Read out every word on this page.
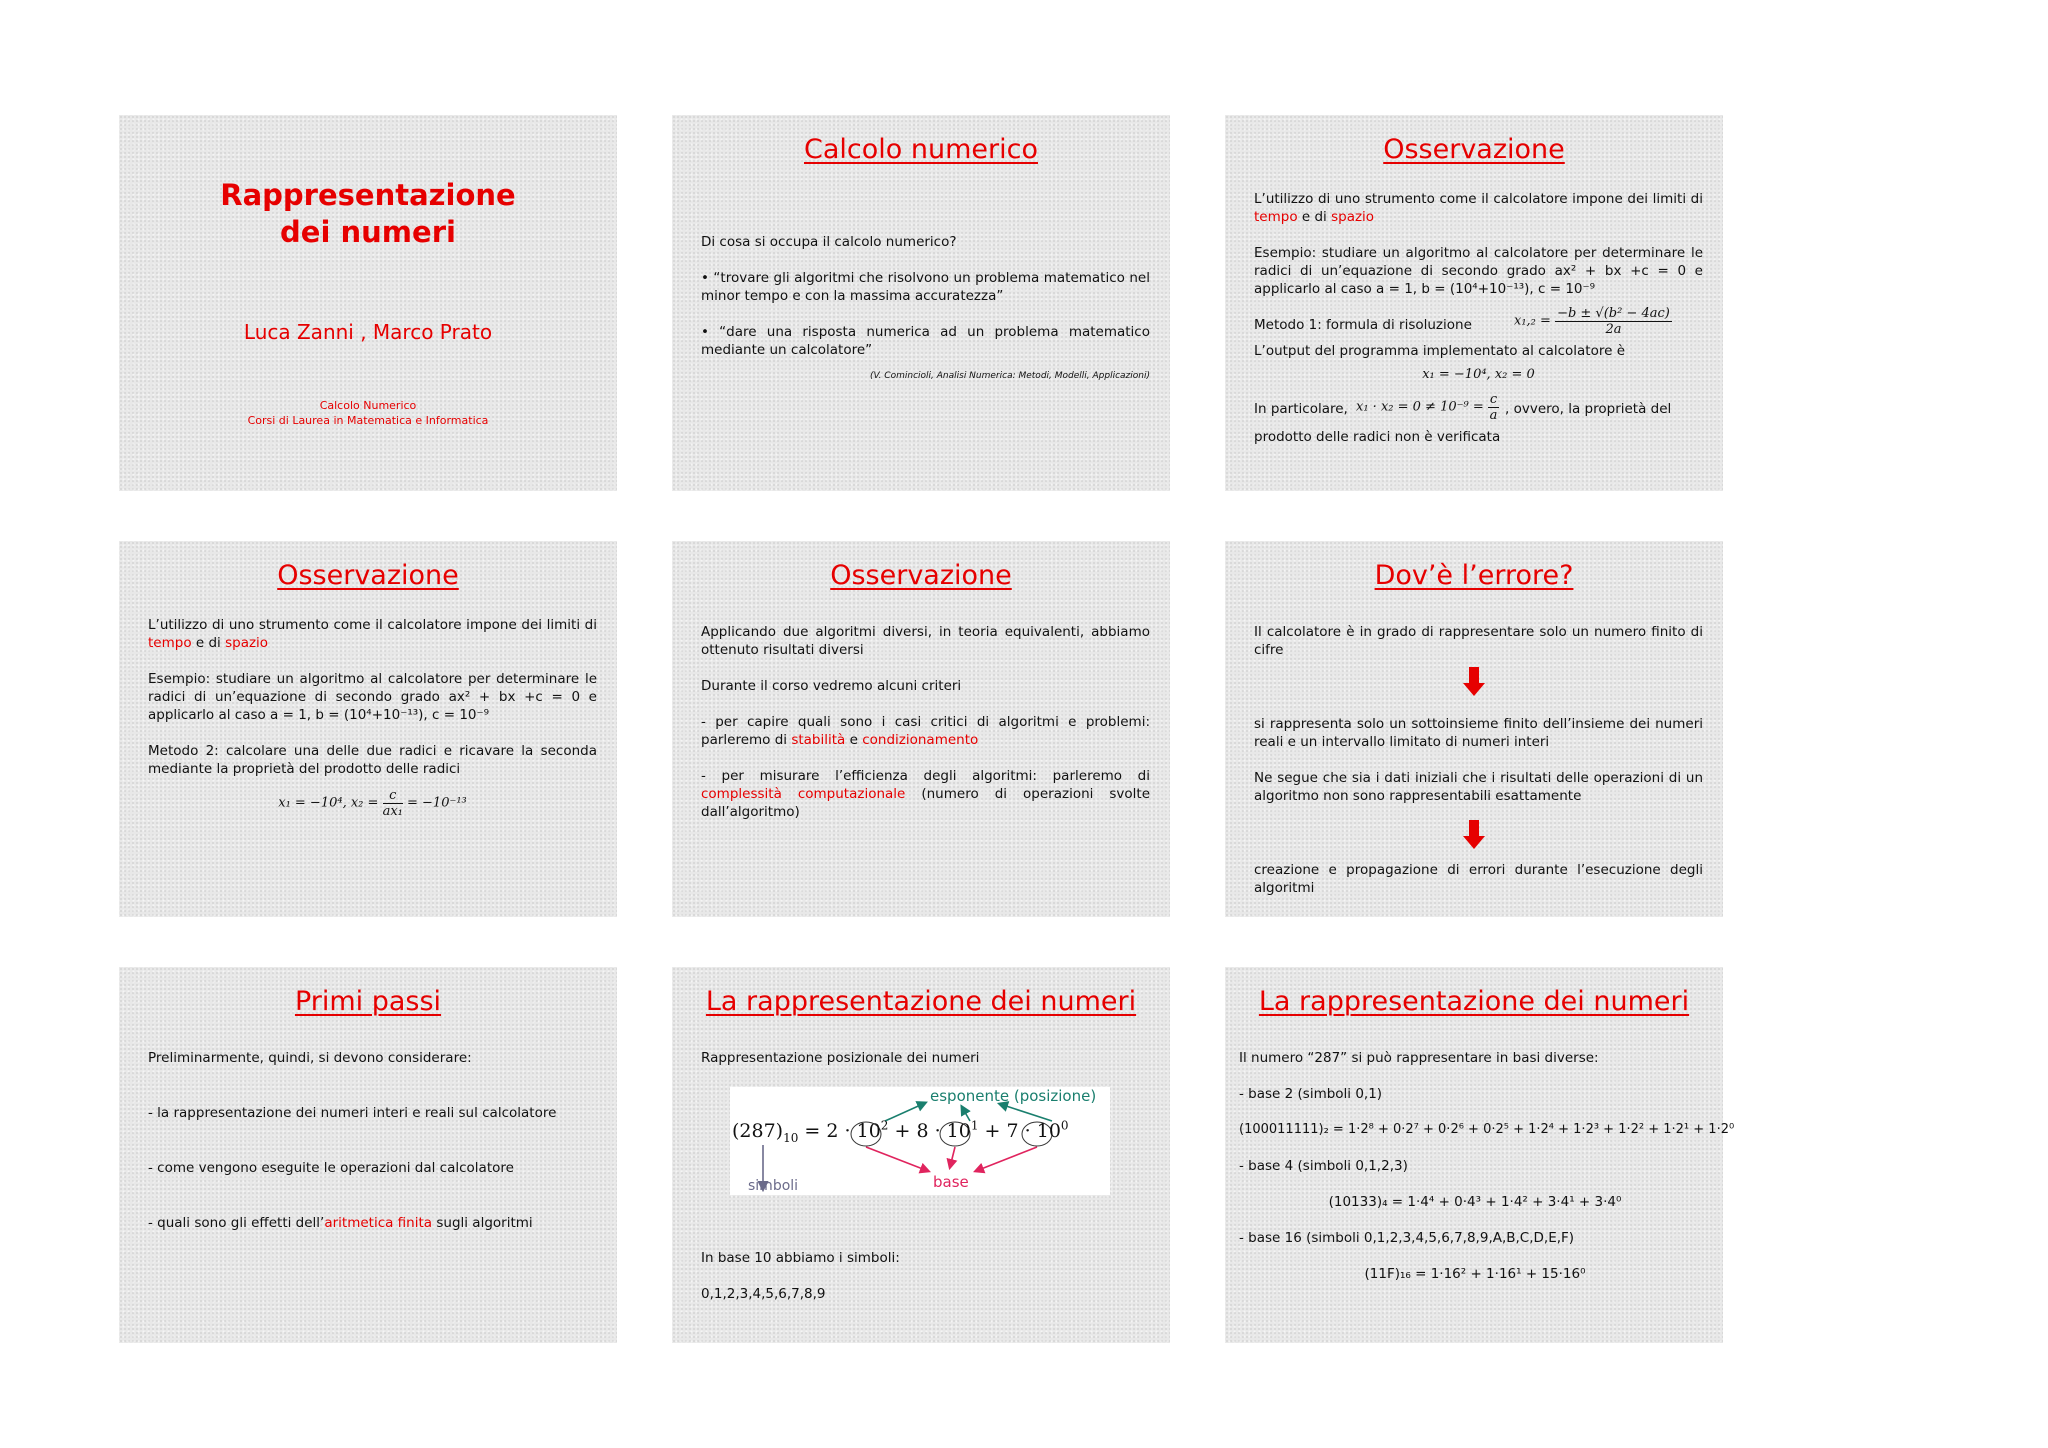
Rappresentazione
dei numeri
Luca Zanni , Marco Prato
Calcolo Numerico
Corsi di Laurea in Matematica e Informatica
Calcolo numerico

Di cosa si occupa il calcolo numerico?

• “trovare gli algoritmi che risolvono un problema matematico nel minor tempo e con la massima accuratezza”

• “dare una risposta numerica ad un problema matematico mediante un calcolatore”

(V. Comincioli, Analisi Numerica: Metodi, Modelli, Applicazioni)
Osservazione

L’utilizzo di uno strumento come il calcolatore impone dei limiti di tempo e di spazio

Esempio: studiare un algoritmo al calcolatore per determinare le radici di un’equazione di secondo grado ax² + bx +c = 0 e applicarlo al caso a = 1, b = (10⁴+10⁻¹³), c = 10⁻⁹

Metodo 1: formula di risoluzione	$x_1,_2 = \frac{\text{−b ± √(b² − 4ac)}}{2a}$

L’output del programma implementato al calcolatore è

x₁ = −10⁴, x₂ = 0
In particolare, $x_1 \cdot x_2 = 0 \ne 10^{-9} = \frac{c}{a}$ , ovvero, la proprietà del
prodotto delle radici non è verificata
Osservazione

L’utilizzo di uno strumento come il calcolatore impone dei limiti di tempo e di spazio

Esempio: studiare un algoritmo al calcolatore per determinare le radici di un’equazione di secondo grado ax² + bx +c = 0 e applicarlo al caso a = 1, b = (10⁴+10⁻¹³), c = 10⁻⁹

Metodo 2: calcolare una delle due radici e ricavare la seconda mediante la proprietà del prodotto delle radici

x₁ = −10⁴, $x_2 = \frac{c}{\text{ax₁}} = -10^{-13}$
Osservazione

Applicando due algoritmi diversi, in teoria equivalenti, abbiamo ottenuto risultati diversi

Durante il corso vedremo alcuni criteri

- per capire quali sono i casi critici di algoritmi e problemi: parleremo di stabilità e condizionamento

- per misurare l’efficienza degli algoritmi: parleremo di complessità computazionale (numero di operazioni svolte dall’algoritmo)

Dov’è l’errore?

Il calcolatore è in grado di rappresentare solo un numero finito di cifre

si rappresenta solo un sottoinsieme finito dell’insieme dei numeri reali e un intervallo limitato di numeri interi

Ne segue che sia i dati iniziali che i risultati delle operazioni di un algoritmo non sono rappresentabili esattamente

creazione e propagazione di errori durante l’esecuzione degli algoritmi

Primi passi

Preliminarmente, quindi, si devono considerare:

- la rappresentazione dei numeri interi e reali sul calcolatore

- come vengono eseguite le operazioni dal calcolatore

- quali sono gli effetti dell’aritmetica finita sugli algoritmi

La rappresentazione dei numeri

Rappresentazione posizionale dei numeri

esponente (posizione)
base
simboli
$(287)_{10} = 2 \cdot 10^2 + 8 \cdot 10^1 + 7 \cdot 10^0$

In base 10 abbiamo i simboli:

0,1,2,3,4,5,6,7,8,9

La rappresentazione dei numeri

Il numero “287” si può rappresentare in basi diverse:

- base 2 (simboli 0,1)

(100011111)₂ = 1·2⁸ + 0·2⁷ + 0·2⁶ + 0·2⁵ + 1·2⁴ + 1·2³ + 1·2² + 1·2¹ + 1·2⁰

- base 4 (simboli 0,1,2,3)

(10133)₄ = 1·4⁴ + 0·4³ + 1·4² + 3·4¹ + 3·4⁰

- base 16 (simboli 0,1,2,3,4,5,6,7,8,9,A,B,C,D,E,F)

(11F)₁₆ = 1·16² + 1·16¹ + 15·16⁰
